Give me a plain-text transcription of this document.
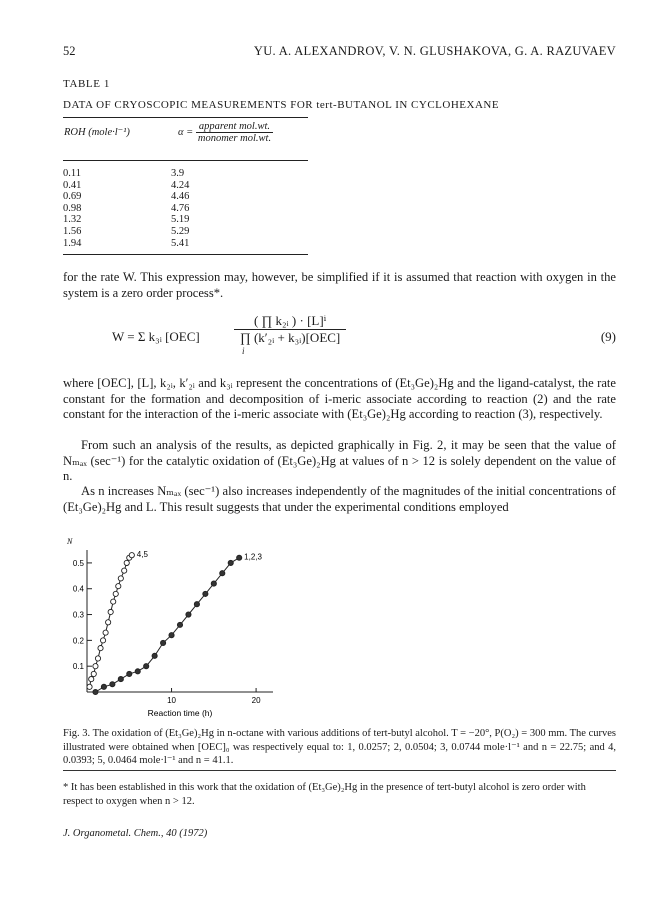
52	YU. A. ALEXANDROV, V. N. GLUSHAKOVA, G. A. RAZUVAEV
TABLE 1
DATA OF CRYOSCOPIC MEASUREMENTS FOR tert-BUTANOL IN CYCLOHEXANE
ROH (mole·l⁻¹)	$\alpha = \frac{\text{apparent mol.wt.}}{\text{monomer mol.wt.}}$
0.11	3.9
0.41	4.24
0.69	4.46
0.98	4.76
1.32	5.19
1.56	5.29
1.94	5.41
for the rate W. This expression may, however, be simplified if it is assumed that reaction with oxygen in the system is a zero order process*.
W = Σ k₃ᵢ [OEC]
( ∏ k₂ᵢ ) · [L]ⁱ
∏ (k′₂ᵢ + k₃ᵢ)[OEC]
i
(9)
where [OEC], [L], k₂ᵢ, k′₂ᵢ and k₃ᵢ represent the concentrations of (Et₃Ge)₂Hg and the ligand-catalyst, the rate constant for the formation and decomposition of i-meric associate according to reaction (2) and the rate constant for the interaction of the i-meric associate with (Et₃Ge)₂Hg according to reaction (3), respectively.
From such an analysis of the results, as depicted graphically in Fig. 2, it may be seen that the value of Nₘₐₓ (sec⁻¹) for the catalytic oxidation of (Et₃Ge)₂Hg at values of n > 12 is solely dependent on the value of n.
As n increases Nₘₐₓ (sec⁻¹) also increases independently of the magnitudes of the initial concentrations of (Et₃Ge)₂Hg and L. This result suggests that under the experimental conditions employed
0.1
0.2
0.3
0.4
0.5
10	20
N
Reaction time (h)
4,5	1,2,3
Fig. 3. The oxidation of (Et₃Ge)₂Hg in n-octane with various additions of tert-butyl alcohol. T = −20°, P(O₂) = 300 mm. The curves illustrated were obtained when [OEC]₀ was respectively equal to: 1, 0.0257; 2, 0.0504; 3, 0.0744 mole·l⁻¹ and n = 22.75; and 4, 0.0393; 5, 0.0464 mole·l⁻¹ and n = 41.1.
* It has been established in this work that the oxidation of (Et₃Ge)₂Hg in the presence of tert-butyl alcohol is zero order with respect to oxygen when n > 12.
J. Organometal. Chem., 40 (1972)
